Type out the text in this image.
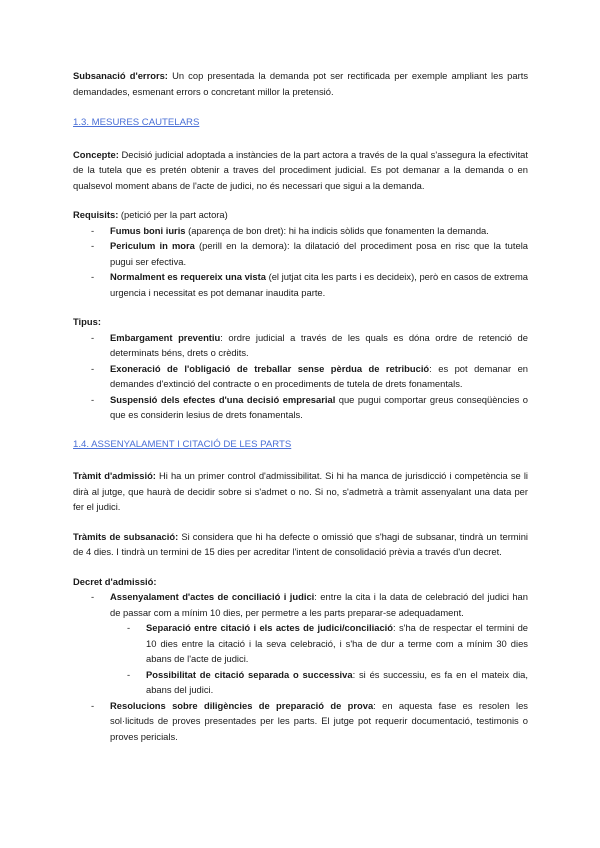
Subsanació d'errors: Un cop presentada la demanda pot ser rectificada per exemple ampliant les parts demandades, esmenant errors o concretant millor la pretensió.

1.3. MESURES CAUTELARS

Concepte: Decisió judicial adoptada a instàncies de la part actora a través de la qual s'assegura la efectivitat de la tutela que es pretén obtenir a traves del procediment judicial. Es pot demanar a la demanda o en qualsevol moment abans de l'acte de judici, no és necessari que sigui a la demanda.

Requisits: (petició per la part actora)

- Fumus boni iuris (aparença de bon dret): hi ha indicis sòlids que fonamenten la demanda.
- Periculum in mora (perill en la demora): la dilatació del procediment posa en risc que la tutela pugui ser efectiva.
- Normalment es requereix una vista (el jutjat cita les parts i es decideix), però en casos de extrema urgencia i necessitat es pot demanar inaudita parte.

Tipus:

- Embargament preventiu: ordre judicial a través de les quals es dóna ordre de retenció de determinats béns, drets o crèdits.
- Exoneració de l'obligació de treballar sense pèrdua de retribució: es pot demanar en demandes d'extinció del contracte o en procediments de tutela de drets fonamentals.
- Suspensió dels efectes d'una decisió empresarial que pugui comportar greus conseqüències o que es considerin lesius de drets fonamentals.

1.4. ASSENYALAMENT I CITACIÓ DE LES PARTS

Tràmit d'admissió: Hi ha un primer control d'admissibilitat. Si hi ha manca de jurisdicció i competència se li dirà al jutge, que haurà de decidir sobre si s'admet o no. Si no, s'admetrà a tràmit assenyalant una data per fer el judici.

Tràmits de subsanació: Si considera que hi ha defecte o omissió que s'hagi de subsanar, tindrà un termini de 4 dies. I tindrà un termini de 15 dies per acreditar l'intent de consolidació prèvia a través d'un decret.

Decret d'admissió:

- Assenyalament d'actes de conciliació i judici: entre la cita i la data de celebració del judici han de passar com a mínim 10 dies, per permetre a les parts preparar-se adequadament.
- Separació entre citació i els actes de judici/conciliació: s'ha de respectar el termini de 10 dies entre la citació i la seva celebració, i s'ha de dur a terme com a mínim 30 dies abans de l'acte de judici.
- Possibilitat de citació separada o successiva: si és successiu, es fa en el mateix dia, abans del judici.
- Resolucions sobre diligències de preparació de prova: en aquesta fase es resolen les sol·licituds de proves presentades per les parts. El jutge pot requerir documentació, testimonis o proves pericials.
